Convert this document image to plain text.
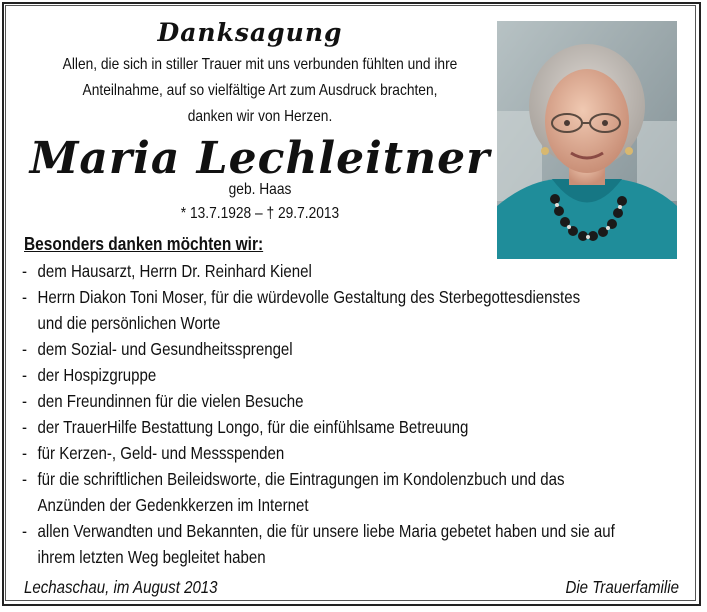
Danksagung
Allen, die sich in stiller Trauer mit uns verbunden fühlten und ihre
Anteilnahme, auf so vielfältige Art zum Ausdruck brachten,
danken wir von Herzen.
Maria Lechleitner
geb. Haas
* 13.7.1928 – † 29.7.2013
Besonders danken möchten wir:
- dem Hausarzt, Herrn Dr. Reinhard Kienel
- Herrn Diakon Toni Moser, für die würdevolle Gestaltung des Sterbegottesdienstes
und die persönlichen Worte
- dem Sozial- und Gesundheitssprengel
- der Hospizgruppe
- den Freundinnen für die vielen Besuche
- der TrauerHilfe Bestattung Longo, für die einfühlsame Betreuung
- für Kerzen-, Geld- und Messspenden
- für die schriftlichen Beileidsworte, die Eintragungen im Kondolenzbuch und das
Anzünden der Gedenkkerzen im Internet
- allen Verwandten und Bekannten, die für unsere liebe Maria gebetet haben und sie auf
ihrem letzten Weg begleitet haben
Lechaschau, im August 2013	Die Trauerfamilie
